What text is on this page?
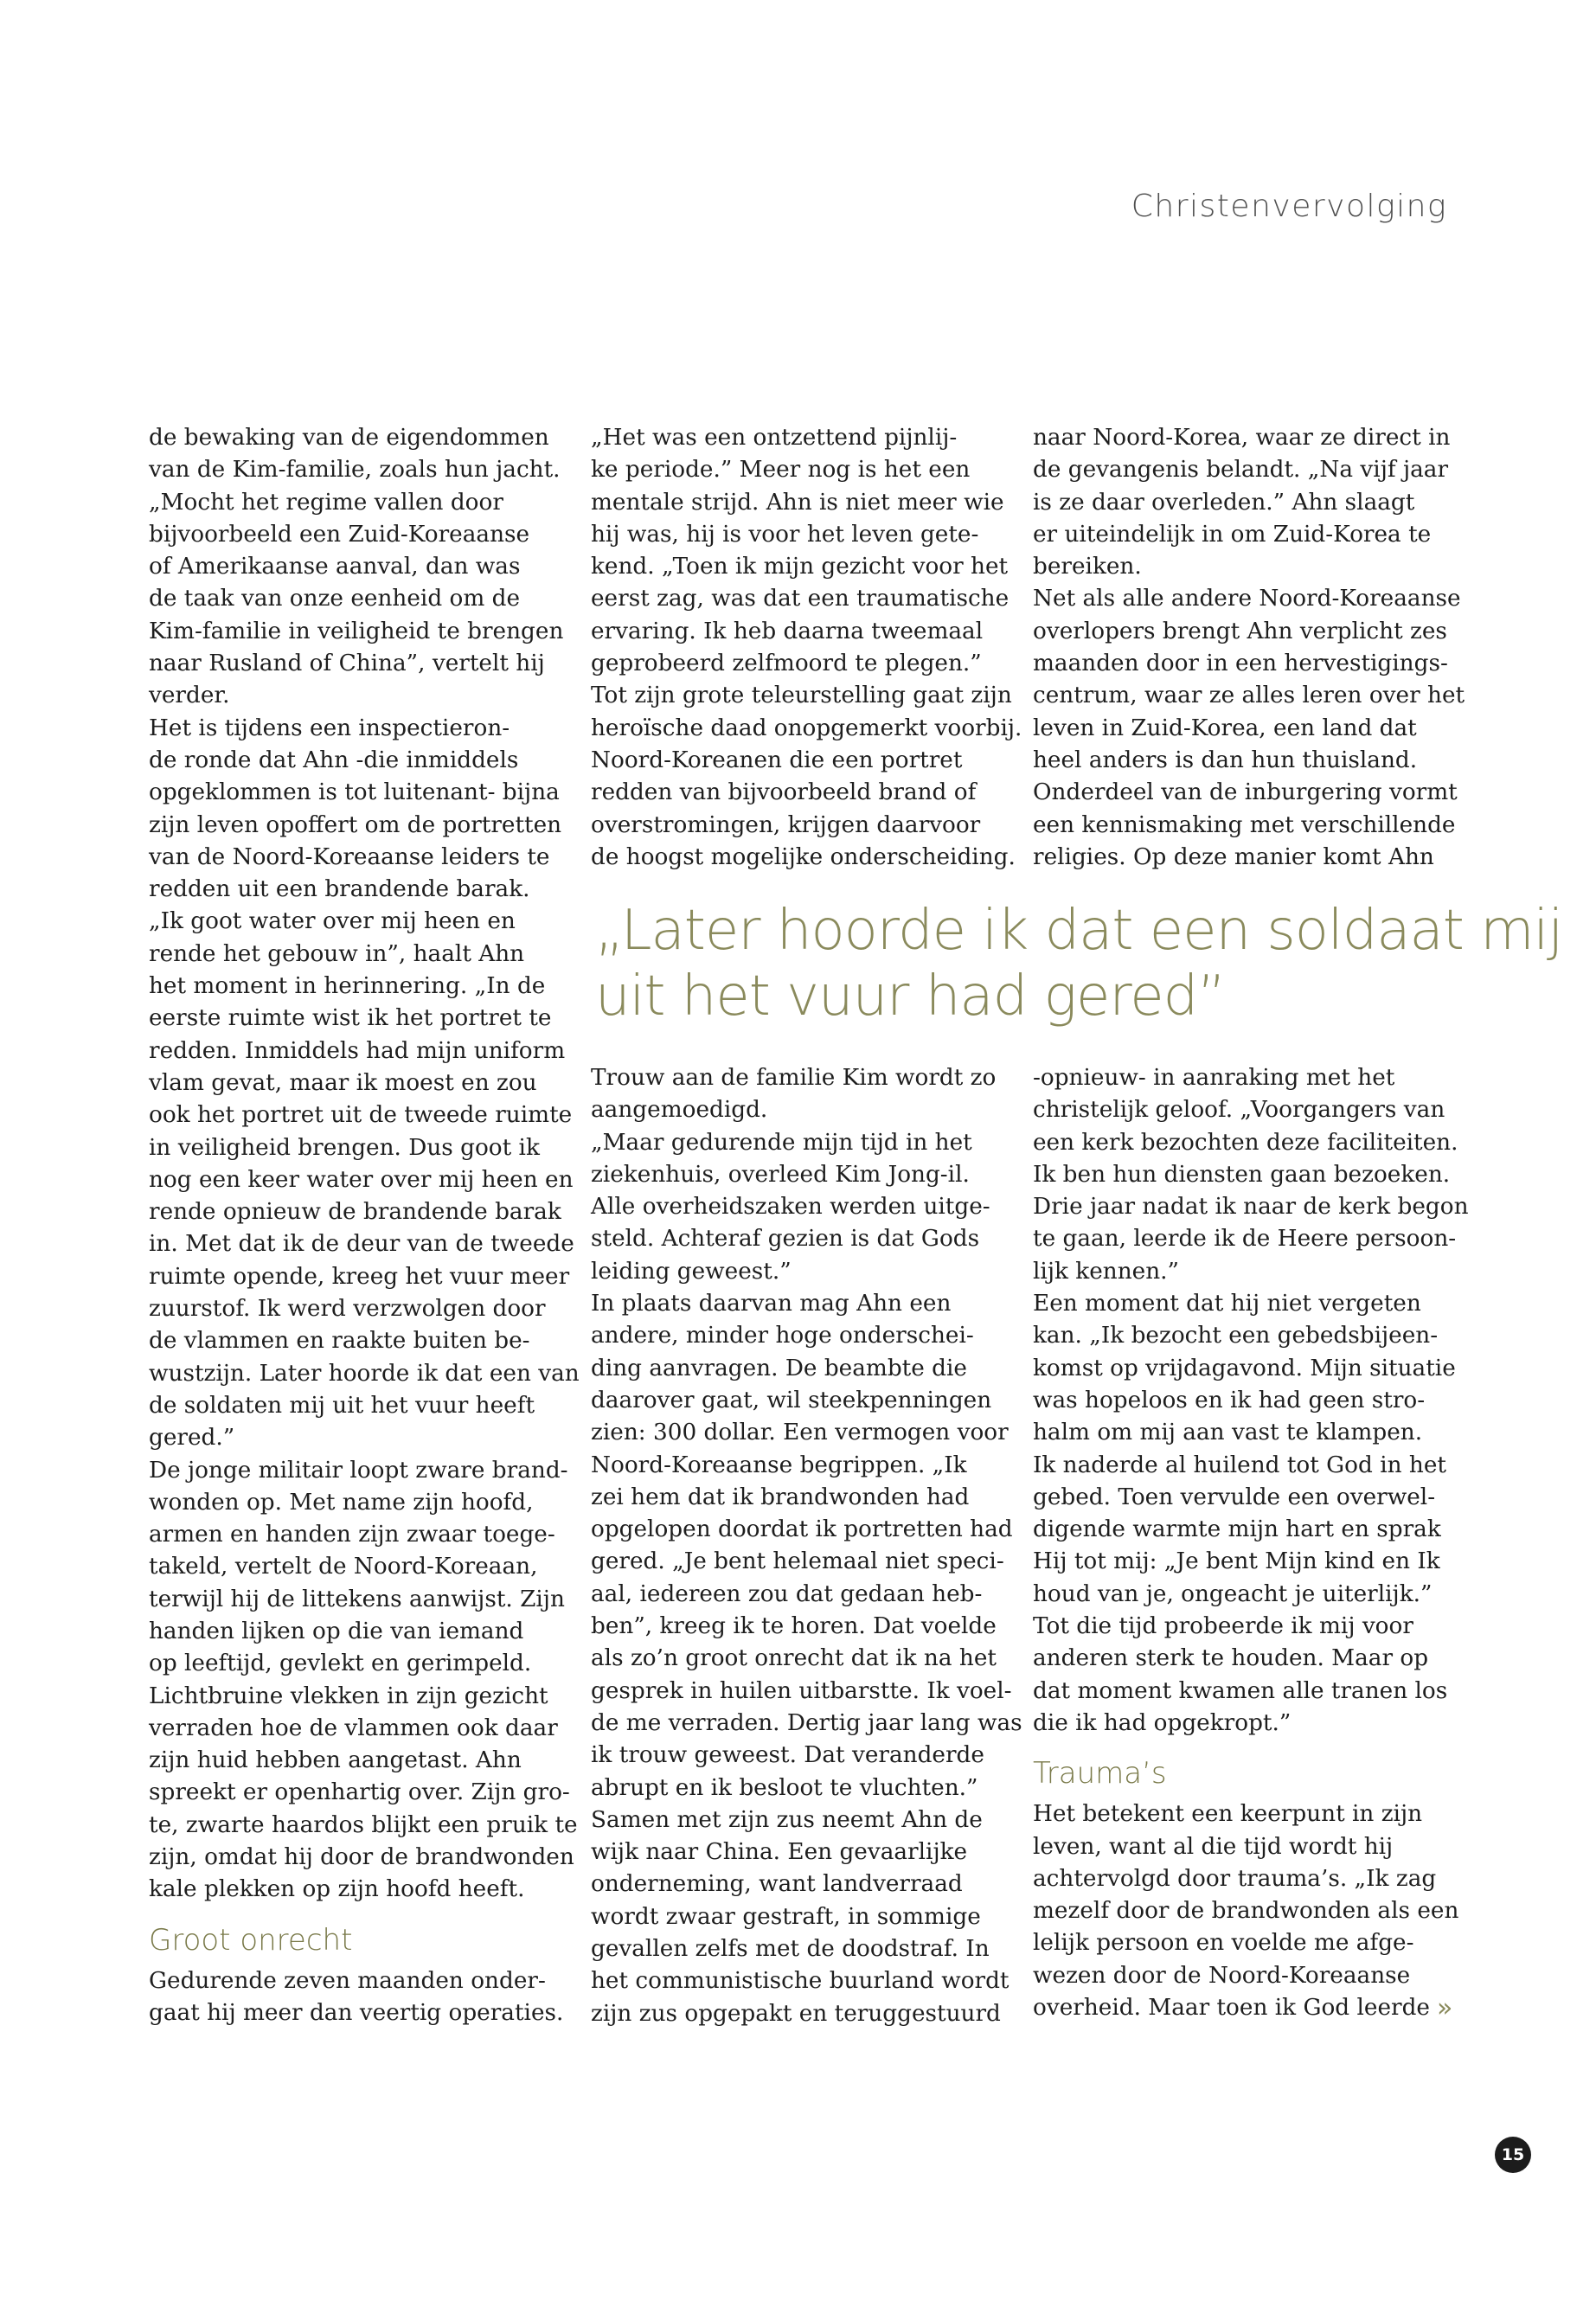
Christenvervolging
de bewaking van de eigendommen
van de Kim-familie, zoals hun jacht.
„Mocht het regime vallen door
bijvoorbeeld een Zuid-Koreaanse
of Amerikaanse aanval, dan was
de taak van onze eenheid om de
Kim-familie in veiligheid te brengen
naar Rusland of China”, vertelt hij
verder.
Het is tijdens een inspectieron-
de ronde dat Ahn -die inmiddels
opgeklommen is tot luitenant- bijna
zijn leven opoffert om de portretten
van de Noord-Koreaanse leiders te
redden uit een brandende barak.
„Ik goot water over mij heen en
rende het gebouw in”, haalt Ahn
het moment in herinnering. „In de
eerste ruimte wist ik het portret te
redden. Inmiddels had mijn uniform
vlam gevat, maar ik moest en zou
ook het portret uit de tweede ruimte
in veiligheid brengen. Dus goot ik
nog een keer water over mij heen en
rende opnieuw de brandende barak
in. Met dat ik de deur van de tweede
ruimte opende, kreeg het vuur meer
zuurstof. Ik werd verzwolgen door
de vlammen en raakte buiten be-
wustzijn. Later hoorde ik dat een van
de soldaten mij uit het vuur heeft
gered.”
De jonge militair loopt zware brand-
wonden op. Met name zijn hoofd,
armen en handen zijn zwaar toege-
takeld, vertelt de Noord-Koreaan,
terwijl hij de littekens aanwijst. Zijn
handen lijken op die van iemand
op leeftijd, gevlekt en gerimpeld.
Lichtbruine vlekken in zijn gezicht
verraden hoe de vlammen ook daar
zijn huid hebben aangetast. Ahn
spreekt er openhartig over. Zijn gro-
te, zwarte haardos blijkt een pruik te
zijn, omdat hij door de brandwonden
kale plekken op zijn hoofd heeft.
Groot onrecht
Gedurende zeven maanden onder-
gaat hij meer dan veertig operaties.
„Het was een ontzettend pijnlij-
ke periode.” Meer nog is het een
mentale strijd. Ahn is niet meer wie
hij was, hij is voor het leven gete-
kend. „Toen ik mijn gezicht voor het
eerst zag, was dat een traumatische
ervaring. Ik heb daarna tweemaal
geprobeerd zelfmoord te plegen.”
Tot zijn grote teleurstelling gaat zijn
heroïsche daad onopgemerkt voorbij.
Noord-Koreanen die een portret
redden van bijvoorbeeld brand of
overstromingen, krijgen daarvoor
de hoogst mogelijke onderscheiding.
naar Noord-Korea, waar ze direct in
de gevangenis belandt. „Na vijf jaar
is ze daar overleden.” Ahn slaagt
er uiteindelijk in om Zuid-Korea te
bereiken.
Net als alle andere Noord-Koreaanse
overlopers brengt Ahn verplicht zes
maanden door in een hervestigings-
centrum, waar ze alles leren over het
leven in Zuid-Korea, een land dat
heel anders is dan hun thuisland.
Onderdeel van de inburgering vormt
een kennismaking met verschillende
religies. Op deze manier komt Ahn
„Later hoorde ik dat een soldaat mij
uit het vuur had gered”
Trouw aan de familie Kim wordt zo
aangemoedigd.
„Maar gedurende mijn tijd in het
ziekenhuis, overleed Kim Jong-il.
Alle overheidszaken werden uitge-
steld. Achteraf gezien is dat Gods
leiding geweest.”
In plaats daarvan mag Ahn een
andere, minder hoge onderschei-
ding aanvragen. De beambte die
daarover gaat, wil steekpenningen
zien: 300 dollar. Een vermogen voor
Noord-Koreaanse begrippen. „Ik
zei hem dat ik brandwonden had
opgelopen doordat ik portretten had
gered. „Je bent helemaal niet speci-
aal, iedereen zou dat gedaan heb-
ben”, kreeg ik te horen. Dat voelde
als zo’n groot onrecht dat ik na het
gesprek in huilen uitbarstte. Ik voel-
de me verraden. Dertig jaar lang was
ik trouw geweest. Dat veranderde
abrupt en ik besloot te vluchten.”
Samen met zijn zus neemt Ahn de
wijk naar China. Een gevaarlijke
onderneming, want landverraad
wordt zwaar gestraft, in sommige
gevallen zelfs met de doodstraf. In
het communistische buurland wordt
zijn zus opgepakt en teruggestuurd
-opnieuw- in aanraking met het
christelijk geloof. „Voorgangers van
een kerk bezochten deze faciliteiten.
Ik ben hun diensten gaan bezoeken.
Drie jaar nadat ik naar de kerk begon
te gaan, leerde ik de Heere persoon-
lijk kennen.”
Een moment dat hij niet vergeten
kan. „Ik bezocht een gebedsbijeen-
komst op vrijdagavond. Mijn situatie
was hopeloos en ik had geen stro-
halm om mij aan vast te klampen.
Ik naderde al huilend tot God in het
gebed. Toen vervulde een overwel-
digende warmte mijn hart en sprak
Hij tot mij: „Je bent Mijn kind en Ik
houd van je, ongeacht je uiterlijk.”
Tot die tijd probeerde ik mij voor
anderen sterk te houden. Maar op
dat moment kwamen alle tranen los
die ik had opgekropt.”
Trauma’s
Het betekent een keerpunt in zijn
leven, want al die tijd wordt hij
achtervolgd door trauma’s. „Ik zag
mezelf door de brandwonden als een
lelijk persoon en voelde me afge-
wezen door de Noord-Koreaanse
overheid. Maar toen ik God leerde »
15
